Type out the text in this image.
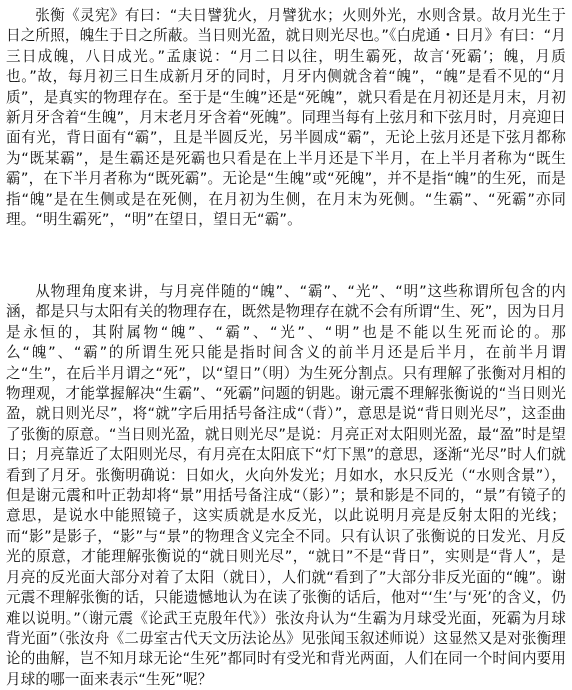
张衡《灵宪》有曰：“夫日譬犹火，月譬犹水；火则外光，水则含景。故月光生于日之所照，魄生于日之所蔽。当日则光盈，就日则光尽也。”《白虎通・日月》有曰：“月三日成魄，八日成光。”孟康说：“月二日以往，明生霸死，故言‘死霸’；魄，月质也。”故，每月初三日生成新月牙的同时，月牙内侧就含着“魄”，“魄”是看不见的“月质”，是真实的物理存在。至于是“生魄”还是“死魄”，就只看是在月初还是月末，月初新月牙含着“生魄”，月末老月牙含着“死魄”。同理当每有上弦月和下弦月时，月亮迎日面有光，背日面有“霸”，且是半圆反光，另半圆成“霸”，无论上弦月还是下弦月都称为“既某霸”，是生霸还是死霸也只看是在上半月还是下半月，在上半月者称为“既生霸”，在下半月者称为“既死霸”。无论是“生魄”或“死魄”，并不是指“魄”的生死，而是指“魄”是在生侧或是在死侧，在月初为生侧，在月末为死侧。“生霸”、“死霸”亦同理。“明生霸死”，“明”在望日，望日无“霸”。

从物理角度来讲，与月亮伴随的“魄”、“霸”、“光”、“明”这些称谓所包含的内涵，都是只与太阳有关的物理存在，既然是物理存在就不会有所谓“生、死”，因为日月是永恒的，其附属物“魄”、“霸”、“光”、“明”也是不能以生死而论的。那么“魄”、“霸”的所谓生死只能是指时间含义的前半月还是后半月，在前半月谓之“生”，在后半月谓之“死”，以“望日”（明）为生死分割点。只有理解了张衡对月相的物理观，才能掌握解决“生霸”、“死霸”问题的钥匙。谢元震不理解张衡说的“当日则光盈，就日则光尽”，将“就”字后用括号备注成“（背）”，意思是说“背日则光尽”，这歪曲了张衡的原意。“当日则光盈，就日则光尽”是说：月亮正对太阳则光盈，最“盈”时是望日；月亮靠近了太阳则光尽，有月亮在太阳底下“灯下黑”的意思，逐渐“光尽”时人们就看到了月牙。张衡明确说：日如火，火向外发光；月如水，水只反光（“水则含景”），但是谢元震和叶正勃却将“景”用括号备注成“（影）”；景和影是不同的，“景”有镜子的意思，是说水中能照镜子，这实质就是水反光，以此说明月亮是反射太阳的光线；而“影”是影子，“影”与“景”的物理含义完全不同。只有认识了张衡说的日发光、月反光的原意，才能理解张衡说的“就日则光尽”，“就日”不是“背日”，实则是“背人”，是月亮的反光面大部分对着了太阳（就日），人们就“看到了”大部分非反光面的“魄”。谢元震不理解张衡的话，只能遗憾地认为在读了张衡的话后，他对“‘生’与‘死’的含义，仍难以说明。”（谢元震《论武王克殷年代》）张汝舟认为“生霸为月球受光面，死霸为月球背光面”（张汝舟《二毋室古代天文历法论丛》见张闻玉叙述师说）这显然又是对张衡理论的曲解，岂不知月球无论“生死”都同时有受光和背光两面，人们在同一个时间内要用月球的哪一面来表示“生死”呢？
